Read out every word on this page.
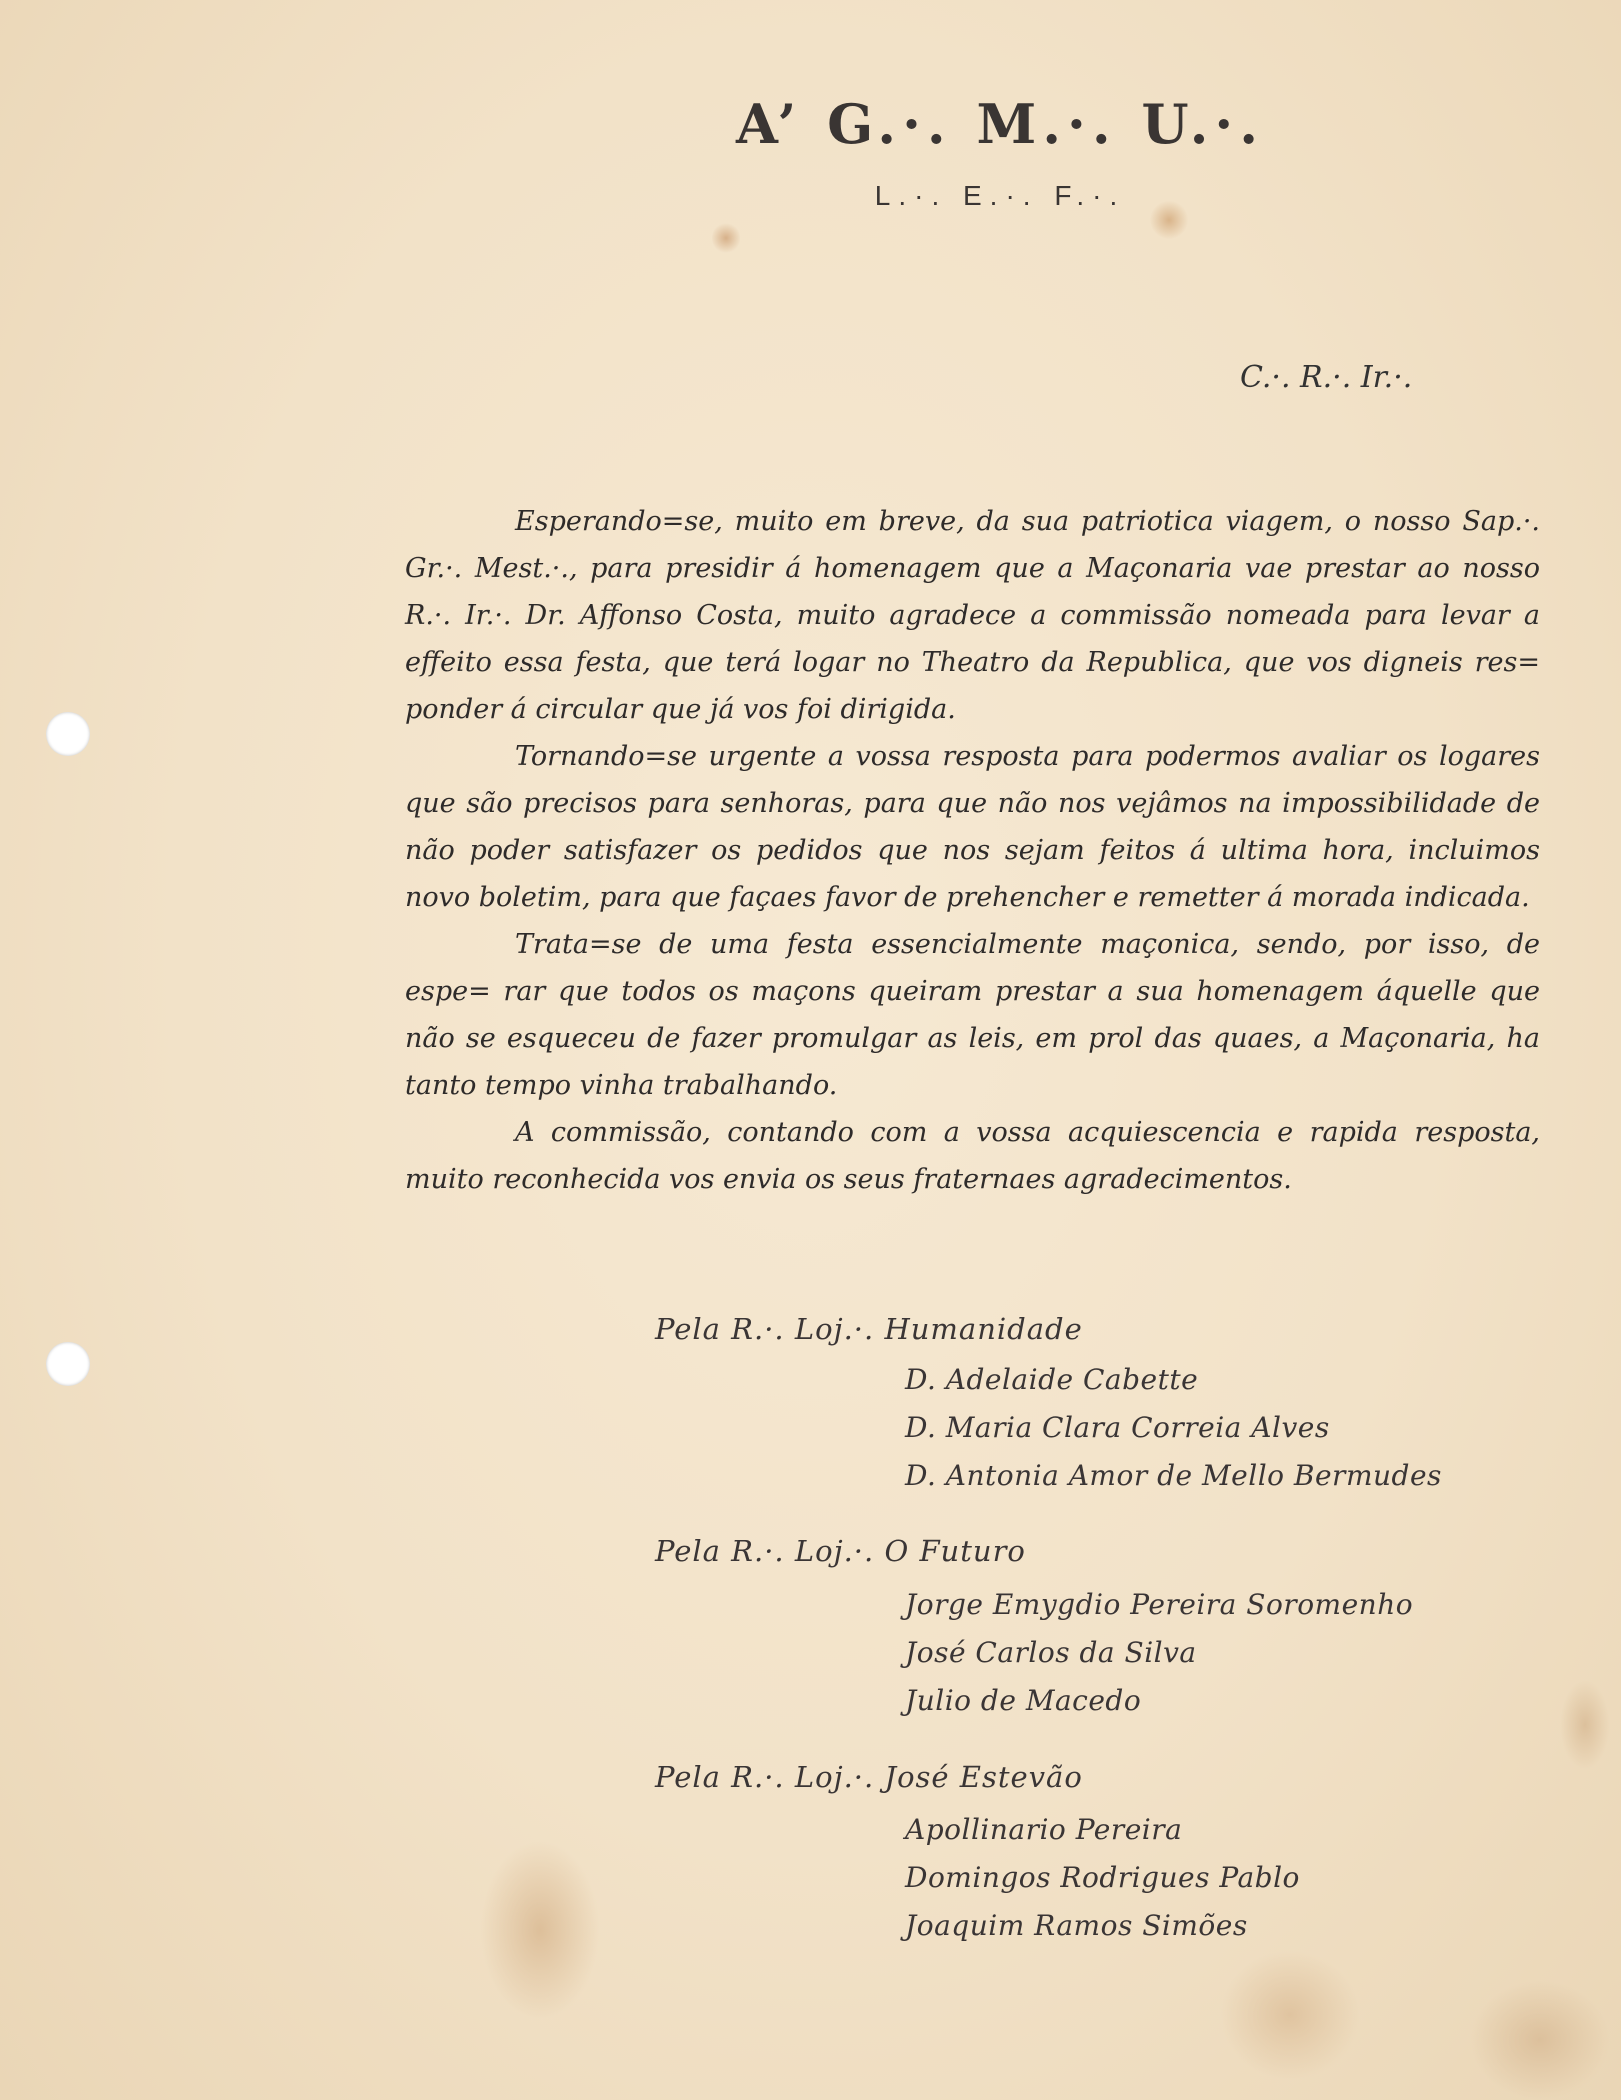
A’ G.·. M.·. U.·.
L.·. E.·. F.·.
C.·. R.·. Ir.·.

Esperando=se, muito em breve, da sua patriotica viagem, o nosso Sap.·. Gr.·. Mest.·., para presidir á homenagem que a Maçonaria vae prestar ao nosso R.·. Ir.·. Dr. Affonso Costa, muito agradece a commissão nomeada para levar a effeito essa festa, que terá logar no Theatro da Republica, que vos digneis res= ponder á circular que já vos foi dirigida.

Tornando=se urgente a vossa resposta para podermos avaliar os logares que são precisos para senhoras, para que não nos vejâmos na impossibilidade de não poder satisfazer os pedidos que nos sejam feitos á ultima hora, incluimos novo boletim, para que façaes favor de prehencher e remetter á morada indicada.

Trata=se de uma festa essencialmente maçonica, sendo, por isso, de espe= rar que todos os maçons queiram prestar a sua homenagem áquelle que não se esqueceu de fazer promulgar as leis, em prol das quaes, a Maçonaria, ha tanto tempo vinha trabalhando.

A commissão, contando com a vossa acquiescencia e rapida resposta, muito reconhecida vos envia os seus fraternaes agradecimentos.

Pela R.·. Loj.·. Humanidade
D. Adelaide Cabette
D. Maria Clara Correia Alves
D. Antonia Amor de Mello Bermudes
Pela R.·. Loj.·. O Futuro
Jorge Emygdio Pereira Soromenho
José Carlos da Silva
Julio de Macedo
Pela R.·. Loj.·. José Estevão
Apollinario Pereira
Domingos Rodrigues Pablo
Joaquim Ramos Simões
